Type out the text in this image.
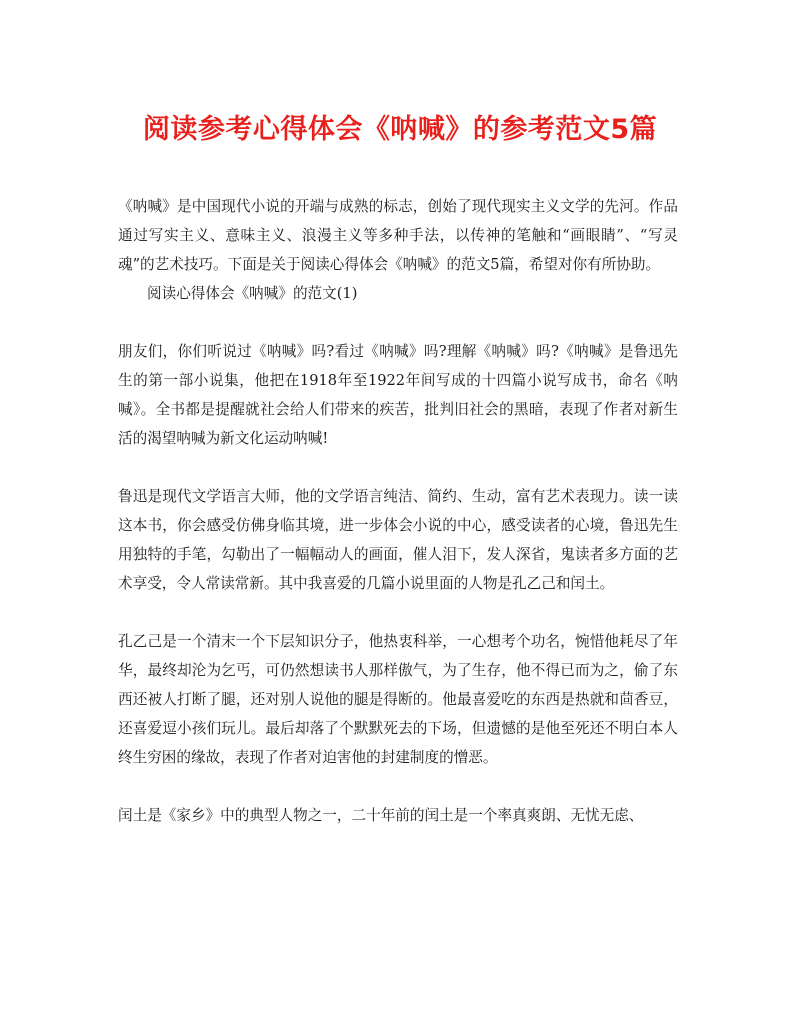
阅读参考心得体会《呐喊》的参考范文5篇

《呐喊》是中国现代小说的开端与成熟的标志，创始了现代现实主义文学的先河。作品通过写实主义、意味主义、浪漫主义等多种手法，以传神的笔触和“画眼睛”、“写灵魂”的艺术技巧。下面是关于阅读心得体会《呐喊》的范文5篇，希望对你有所协助。

阅读心得体会《呐喊》的范文(1)

朋友们，你们听说过《呐喊》吗?看过《呐喊》吗?理解《呐喊》吗?《呐喊》是鲁迅先生的第一部小说集，他把在1918年至1922年间写成的十四篇小说写成书，命名《呐喊》。全书都是提醒就社会给人们带来的疾苦，批判旧社会的黑暗，表现了作者对新生活的渴望呐喊为新文化运动呐喊!

鲁迅是现代文学语言大师，他的文学语言纯洁、简约、生动，富有艺术表现力。读一读这本书，你会感受仿佛身临其境，进一步体会小说的中心，感受读者的心境，鲁迅先生用独特的手笔，勾勒出了一幅幅动人的画面，催人泪下，发人深省，鬼读者多方面的艺术享受，令人常读常新。其中我喜爱的几篇小说里面的人物是孔乙己和闰土。

孔乙己是一个清末一个下层知识分子，他热衷科举，一心想考个功名，惋惜他耗尽了年华，最终却沦为乞丐，可仍然想读书人那样傲气，为了生存，他不得已而为之，偷了东西还被人打断了腿，还对别人说他的腿是得断的。他最喜爱吃的东西是热就和茴香豆，还喜爱逗小孩们玩儿。最后却落了个默默死去的下场，但遗憾的是他至死还不明白本人终生穷困的缘故，表现了作者对迫害他的封建制度的憎恶。

闰土是《家乡》中的典型人物之一，二十年前的闰土是一个率真爽朗、无忧无虑、
